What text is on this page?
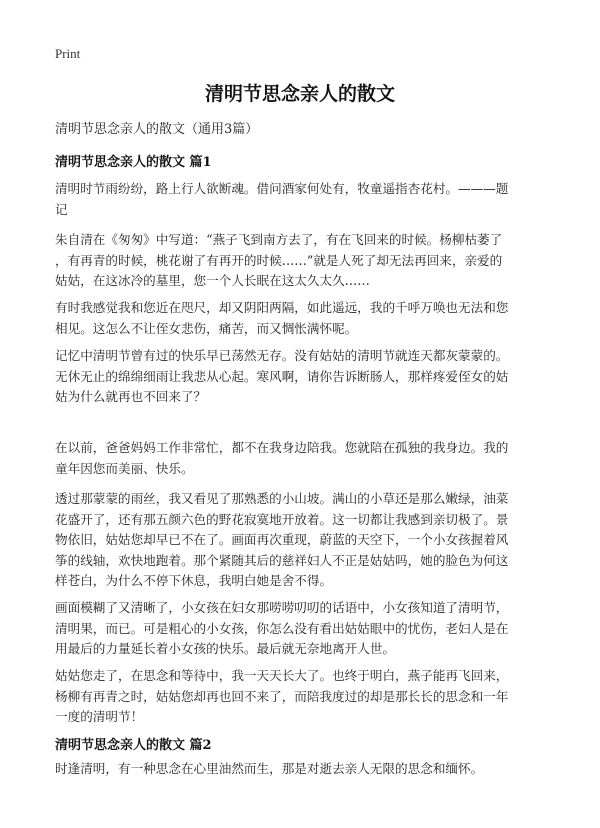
Print
清明节思念亲人的散文
清明节思念亲人的散文（通用3篇）
清明节思念亲人的散文 篇1
清明时节雨纷纷，路上行人欲断魂。借问酒家何处有，牧童遥指杏花村。———题
记
朱自清在《匆匆》中写道：“燕子飞到南方去了，有在飞回来的时候。杨柳枯萎了
，有再青的时候，桃花谢了有再开的时候……”就是人死了却无法再回来，亲爱的
姑姑，在这冰冷的墓里，您一个人长眠在这太久太久……
有时我感觉我和您近在咫尺，却又阴阳两隔，如此遥远，我的千呼万唤也无法和您
相见。这怎么不让侄女悲伤，痛苦，而又惆怅满怀呢。
记忆中清明节曾有过的快乐早已荡然无存。没有姑姑的清明节就连天都灰蒙蒙的。
无休无止的绵绵细雨让我悲从心起。寒风啊，请你告诉断肠人，那样疼爱侄女的姑
姑为什么就再也不回来了？
在以前，爸爸妈妈工作非常忙，都不在我身边陪我。您就陪在孤独的我身边。我的
童年因您而美丽、快乐。
透过那蒙蒙的雨丝，我又看见了那熟悉的小山坡。满山的小草还是那么嫩绿，油菜
花盛开了，还有那五颜六色的野花寂寞地开放着。这一切都让我感到亲切极了。景
物依旧，姑姑您却早已不在了。画面再次重现，蔚蓝的天空下，一个小女孩握着风
筝的线轴，欢快地跑着。那个紧随其后的慈祥妇人不正是姑姑吗，她的脸色为何这
样苍白，为什么不停下休息，我明白她是舍不得。
画面模糊了又清晰了，小女孩在妇女那唠唠叨叨的话语中，小女孩知道了清明节，
清明果，而已。可是粗心的小女孩，你怎么没有看出姑姑眼中的忧伤，老妇人是在
用最后的力量延长着小女孩的快乐。最后就无奈地离开人世。
姑姑您走了，在思念和等待中，我一天天长大了。也终于明白，燕子能再飞回来，
杨柳有再青之时，姑姑您却再也回不来了，而陪我度过的却是那长长的思念和一年
一度的清明节！
清明节思念亲人的散文 篇2
时逢清明，有一种思念在心里油然而生，那是对逝去亲人无限的思念和缅怀。
